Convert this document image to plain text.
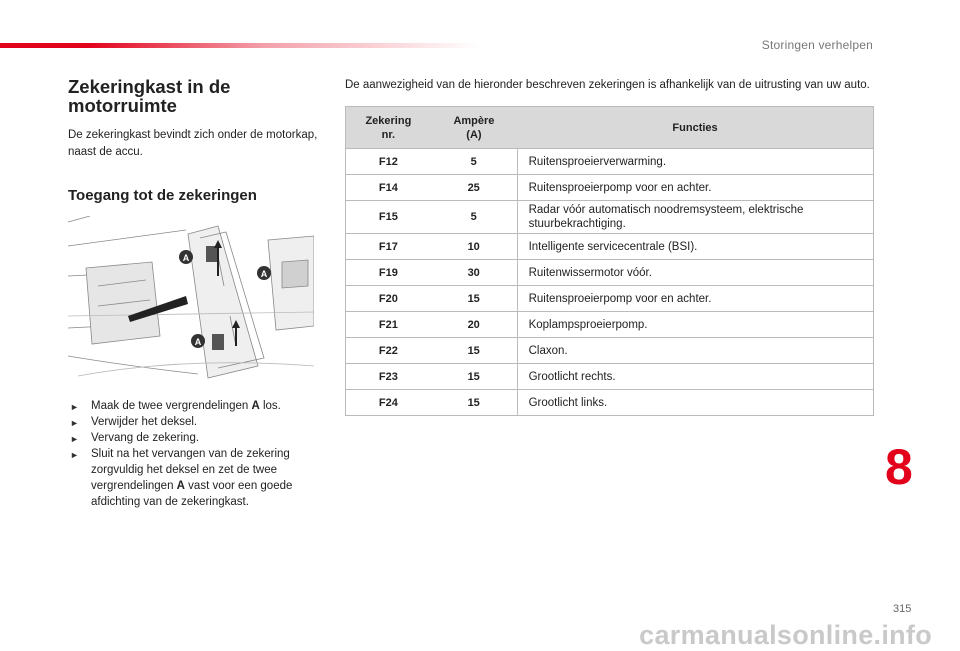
Storingen verhelpen
Zekeringkast in de motorruimte
De zekeringkast bevindt zich onder de motorkap, naast de accu.
Toegang tot de zekeringen
A
A
A
► Maak de twee vergrendelingen A los.
► Verwijder het deksel.
► Vervang de zekering.
► Sluit na het vervangen van de zekering zorgvuldig het deksel en zet de twee vergrendelingen A vast voor een goede afdichting van de zekeringkast.
De aanwezigheid van de hieronder beschreven zekeringen is afhankelijk van de uitrusting van uw auto.
Zekering nr.	Ampère (A)	Functies
F12	5	Ruitensproeierverwarming.
F14	25	Ruitensproeierpomp voor en achter.
F15	5	Radar vóór automatisch noodremsysteem, elektrische stuurbekrachtiging.
F17	10	Intelligente servicecentrale (BSI).
F19	30	Ruitenwissermotor vóór.
F20	15	Ruitensproeierpomp voor en achter.
F21	20	Koplampsproeierpomp.
F22	15	Claxon.
F23	15	Grootlicht rechts.
F24	15	Grootlicht links.
8
315
carmanualsonline.info
